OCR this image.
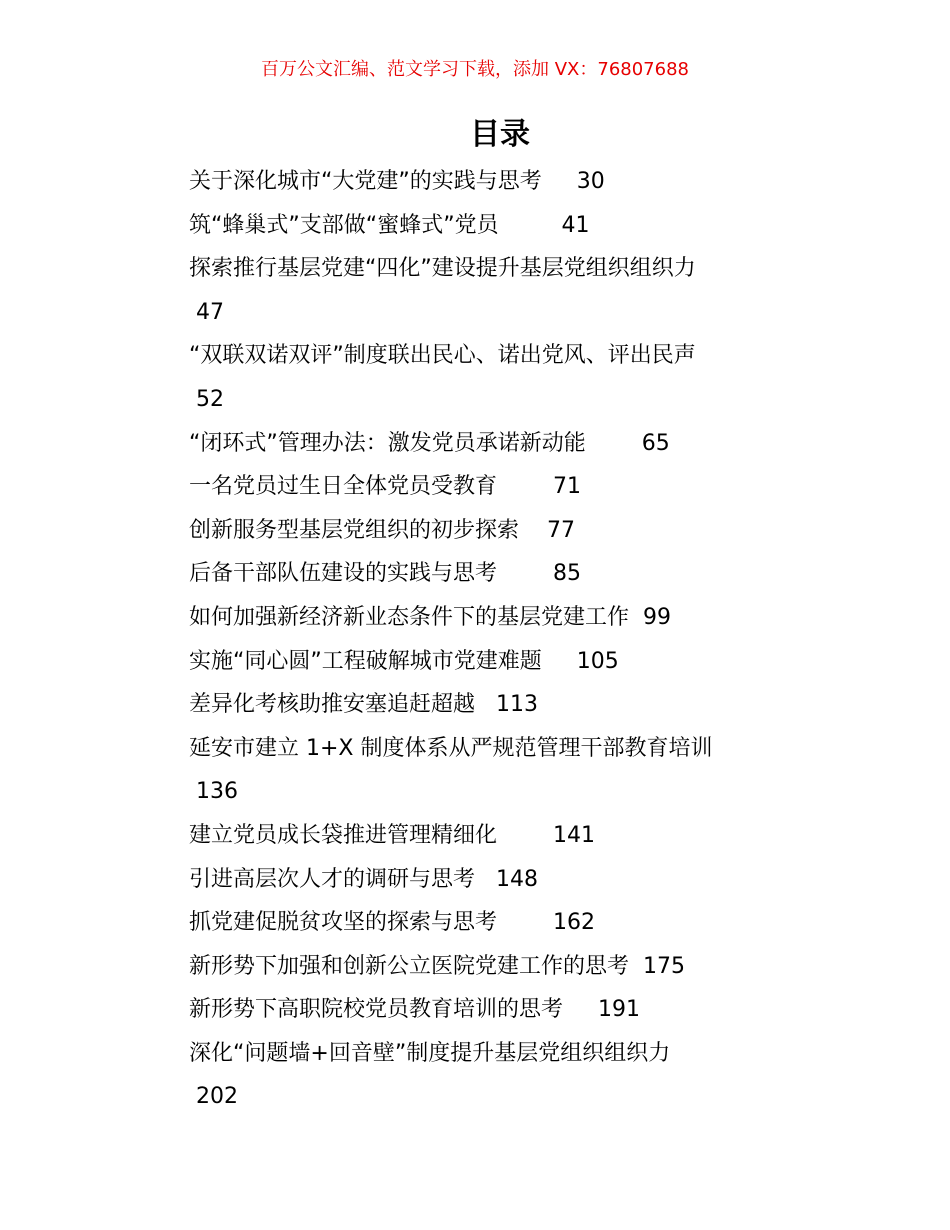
百万公文汇编、范文学习下载，添加 VX：76807688
目录
关于深化城市“大党建”的实践与思考 30
筑“蜂巢式”支部做“蜜蜂式”党员	41
探索推行基层党建“四化”建设提升基层党组织组织力
47
“双联双诺双评”制度联出民心、诺出党风、评出民声
52
“闭环式”管理办法：激发党员承诺新动能	65
一名党员过生日全体党员受教育	71
创新服务型基层党组织的初步探索 77
后备干部队伍建设的实践与思考	85
如何加强新经济新业态条件下的基层党建工作 99
实施“同心圆”工程破解城市党建难题 105
差异化考核助推安塞追赶超越 113
延安市建立 1+X 制度体系从严规范管理干部教育培训
136
建立党员成长袋推进管理精细化	141
引进高层次人才的调研与思考 148
抓党建促脱贫攻坚的探索与思考	162
新形势下加强和创新公立医院党建工作的思考 175
新形势下高职院校党员教育培训的思考 191
深化“问题墙+回音壁”制度提升基层党组织组织力
202
